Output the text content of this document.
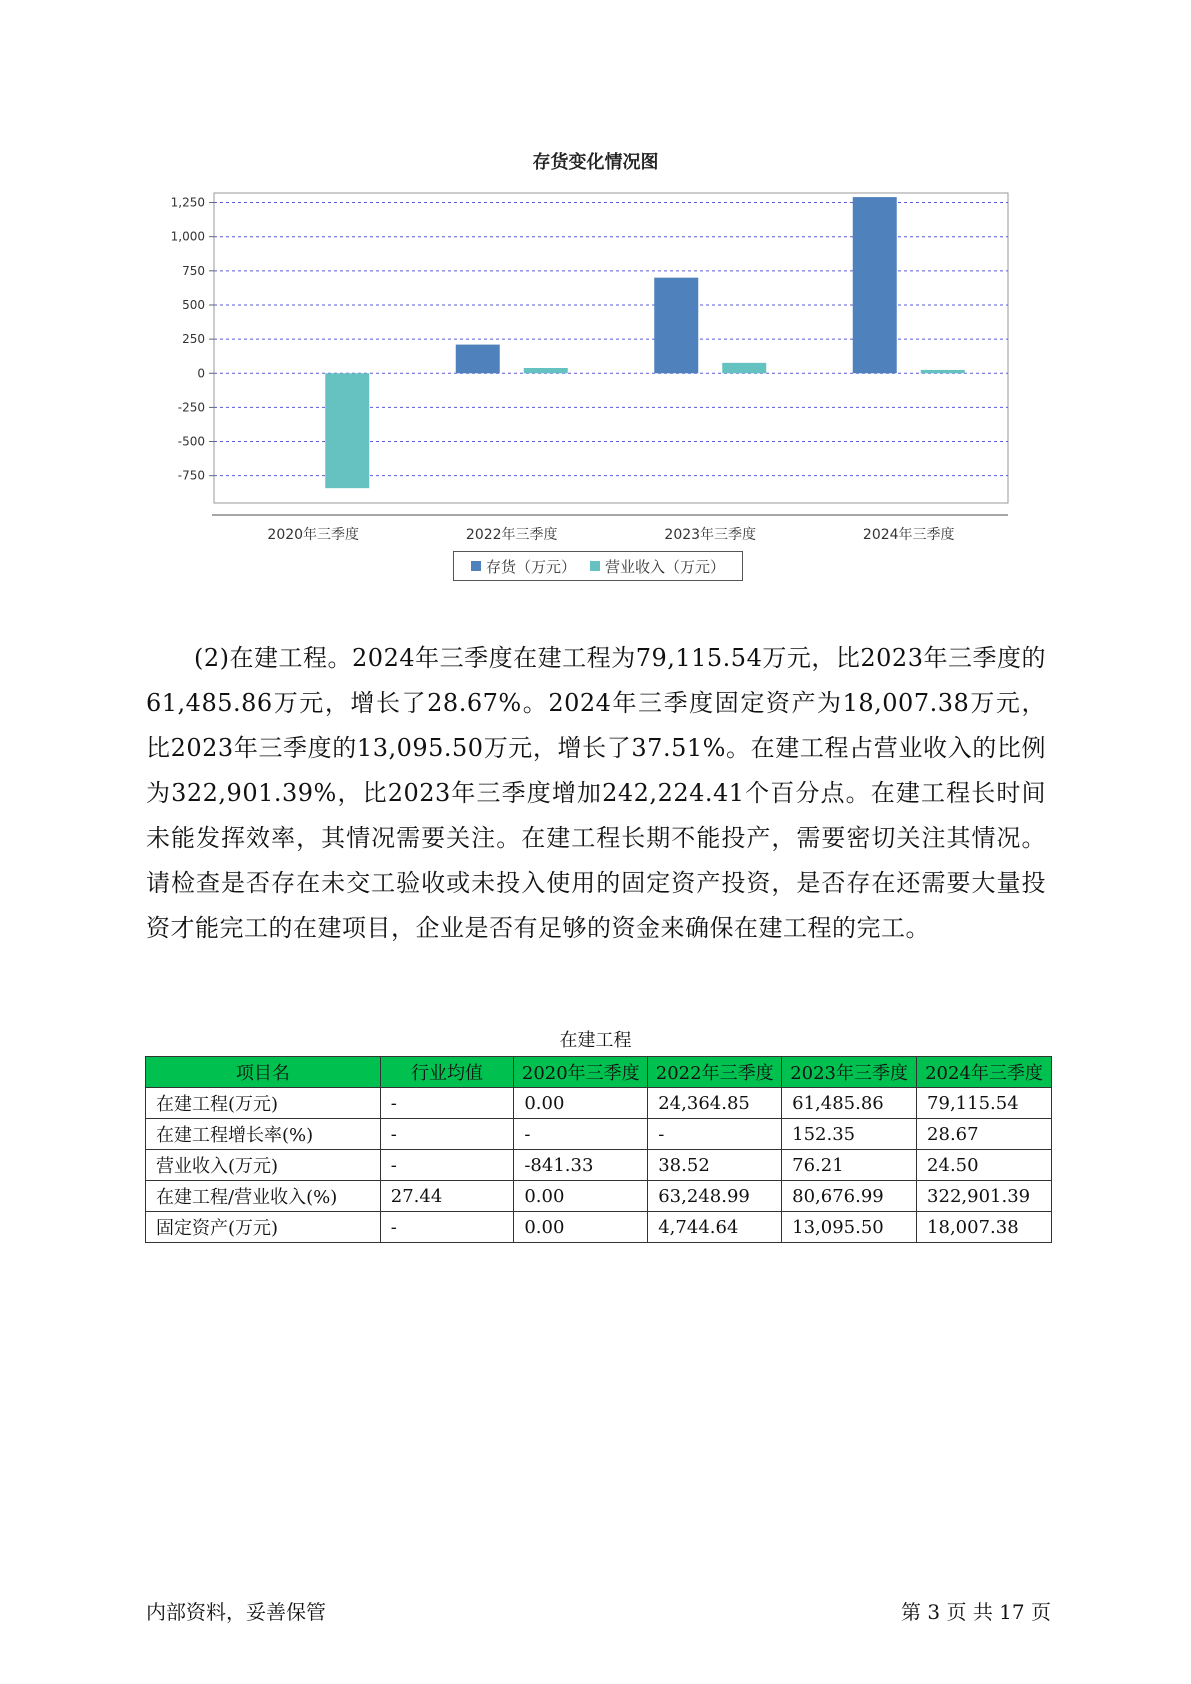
存货变化情况图
-750
-500
-250
0
250
500
750
1,000
1,250
2020年三季度	2022年三季度	2023年三季度	2024年三季度
存货（万元） 营业收入（万元）

(2)在建工程。2024年三季度在建工程为79,115.54万元，比2023年三季度的61,485.86万元，增长了28.67%。2024年三季度固定资产为18,007.38万元，比2023年三季度的13,095.50万元，增长了37.51%。在建工程占营业收入的比例为322,901.39%，比2023年三季度增加242,224.41个百分点。在建工程长时间未能发挥效率，其情况需要关注。在建工程长期不能投产，需要密切关注其情况。请检查是否存在未交工验收或未投入使用的固定资产投资，是否存在还需要大量投资才能完工的在建项目，企业是否有足够的资金来确保在建工程的完工。

在建工程
项目名	行业均值	2020年三季度	2022年三季度	2023年三季度	2024年三季度
在建工程(万元)	-	0.00	24,364.85	61,485.86	79,115.54
在建工程增长率(%)	-	-	-	152.35	28.67
营业收入(万元)	-	-841.33	38.52	76.21	24.50
在建工程/营业收入(%)	27.44	0.00	63,248.99	80,676.99	322,901.39
固定资产(万元)	-	0.00	4,744.64	13,095.50	18,007.38
内部资料，妥善保管	第 3 页 共 17 页
